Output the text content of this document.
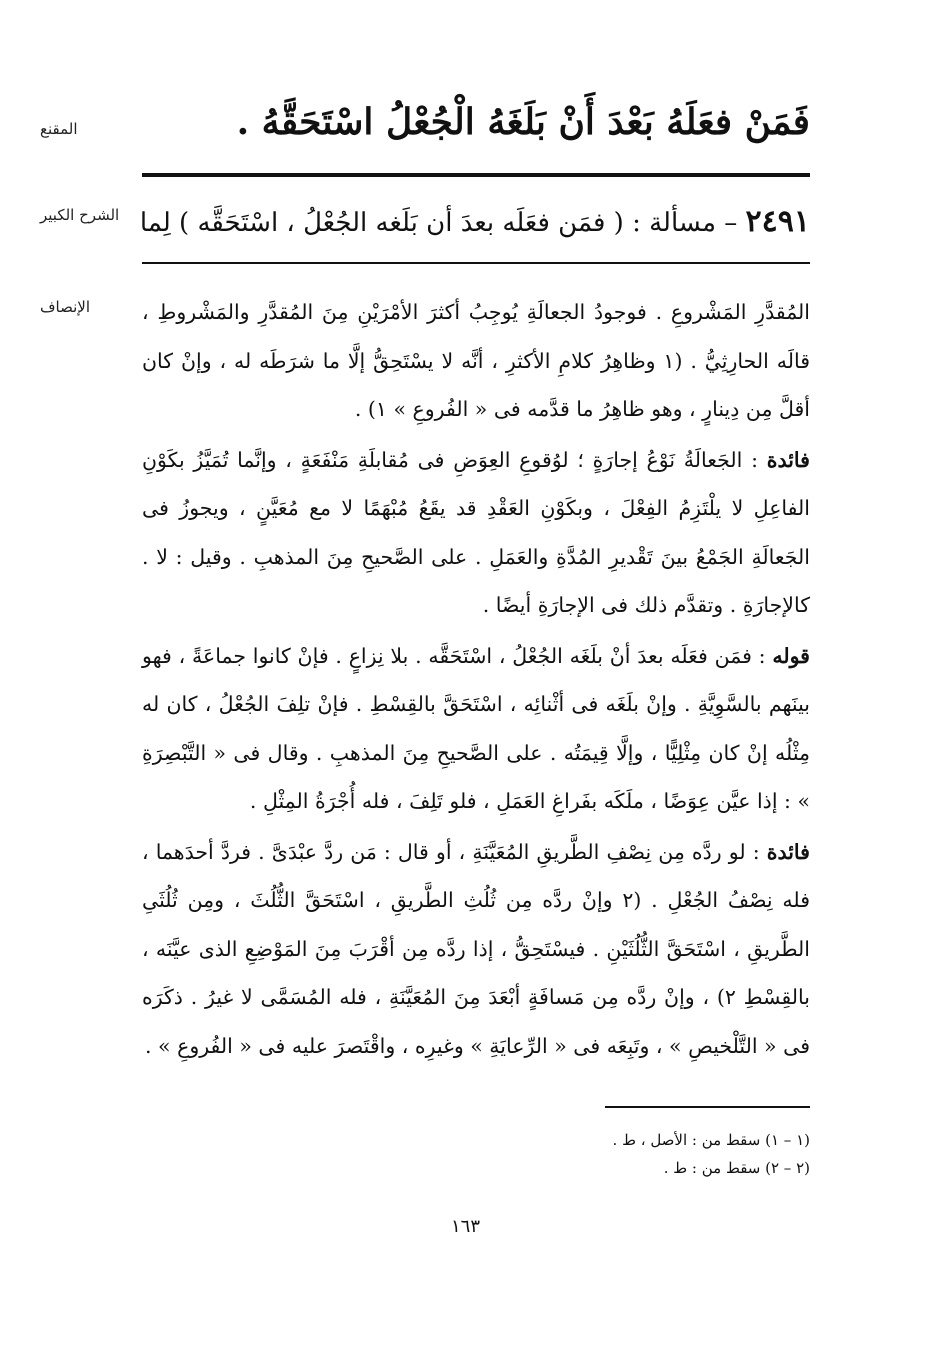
المقنع
الشرح الكبير
الإنصاف
فَمَنْ فعَلَهُ بَعْدَ أَنْ بَلَغَهُ الْجُعْلُ اسْتَحَقَّهُ .
٢٤٩١ – مسألة : ( فمَن فعَلَه بعدَ أن بَلَغه الجُعْلُ ، اسْتَحَقَّه ) لِما

المُقدَّرِ المَشْروعِ . فوجودُ الجعالَةِ يُوجِبُ أكثرَ الأمْرَيْنِ مِنَ المُقدَّرِ والمَشْروطِ ، قالَه الحارِثِيُّ . (١ وظاهِرُ كلامِ الأكثرِ ، أنَّه لا يسْتَحِقُّ إلَّا ما شرَطَه له ، وإنْ كان أقلَّ مِن دِينارٍ ، وهو ظاهِرُ ما قدَّمه فى « الفُروعِ » ١) .

فائدة : الجَعالَةُ نَوْعُ إجارَةٍ ؛ لوُقوعِ العِوَضِ فى مُقابلَةِ مَنْفَعَةٍ ، وإنَّما تُمَيَّزُ بكَوْنِ الفاعِلِ لا يلْتَزِمُ الفِعْلَ ، وبكَوْنِ العَقْدِ قد يقَعُ مُبْهَمًا لا مع مُعَيَّنٍ ، ويجوزُ فى الجَعالَةِ الجَمْعُ بينَ تَقْديرِ المُدَّةِ والعَمَلِ . على الصَّحيحِ مِنَ المذهبِ . وقيل : لا . كالإجارَةِ . وتقدَّم ذلك فى الإجارَةِ أيضًا .

قوله : فمَن فعَلَه بعدَ أنْ بلَغَه الجُعْلُ ، اسْتَحَقَّه . بلا نِزاعٍ . فإنْ كانوا جماعَةً ، فهو بينَهم بالسَّوِيَّةِ . وإنْ بلَغَه فى أثْنائِه ، اسْتَحَقَّ بالقِسْطِ . فإنْ تلِفَ الجُعْلُ ، كان له مِثْلُه إنْ كان مِثْلِيًّا ، وإلَّا قِيمَتُه . على الصَّحيحِ مِنَ المذهبِ . وقال فى « التَّبْصِرَةِ » : إذا عيَّن عِوَضًا ، ملَكَه بفَراغِ العَمَلِ ، فلو تَلِفَ ، فله أُجْرَةُ المِثْلِ .

فائدة : لو ردَّه مِن نِصْفِ الطَّريقِ المُعَيَّنَةِ ، أو قال : مَن ردَّ عبْدَىَّ . فردَّ أحدَهما ، فله نِصْفُ الجُعْلِ . (٢ وإنْ ردَّه مِن ثُلُثِ الطَّريقِ ، اسْتَحَقَّ الثُّلُثَ ، ومِن ثُلُثَىِ الطَّريقِ ، اسْتَحَقَّ الثُّلُثَيْنِ . فيسْتَحِقُّ ، إذا ردَّه مِن أقْرَبَ مِنَ المَوْضِعِ الذى عيَّنَه ، بالقِسْطِ ٢) ، وإنْ ردَّه مِن مَسافَةٍ أبْعَدَ مِنَ المُعَيَّنَةِ ، فله المُسَمَّى لا غيرُ . ذكَرَه فى « التَّلْخيصِ » ، وتَبِعَه فى « الرِّعايَةِ » وغيرِه ، واقْتَصرَ عليه فى « الفُروعِ » .

(١ – ١) سقط من : الأصل ، ط .
(٢ – ٢) سقط من : ط .
١٦٣
